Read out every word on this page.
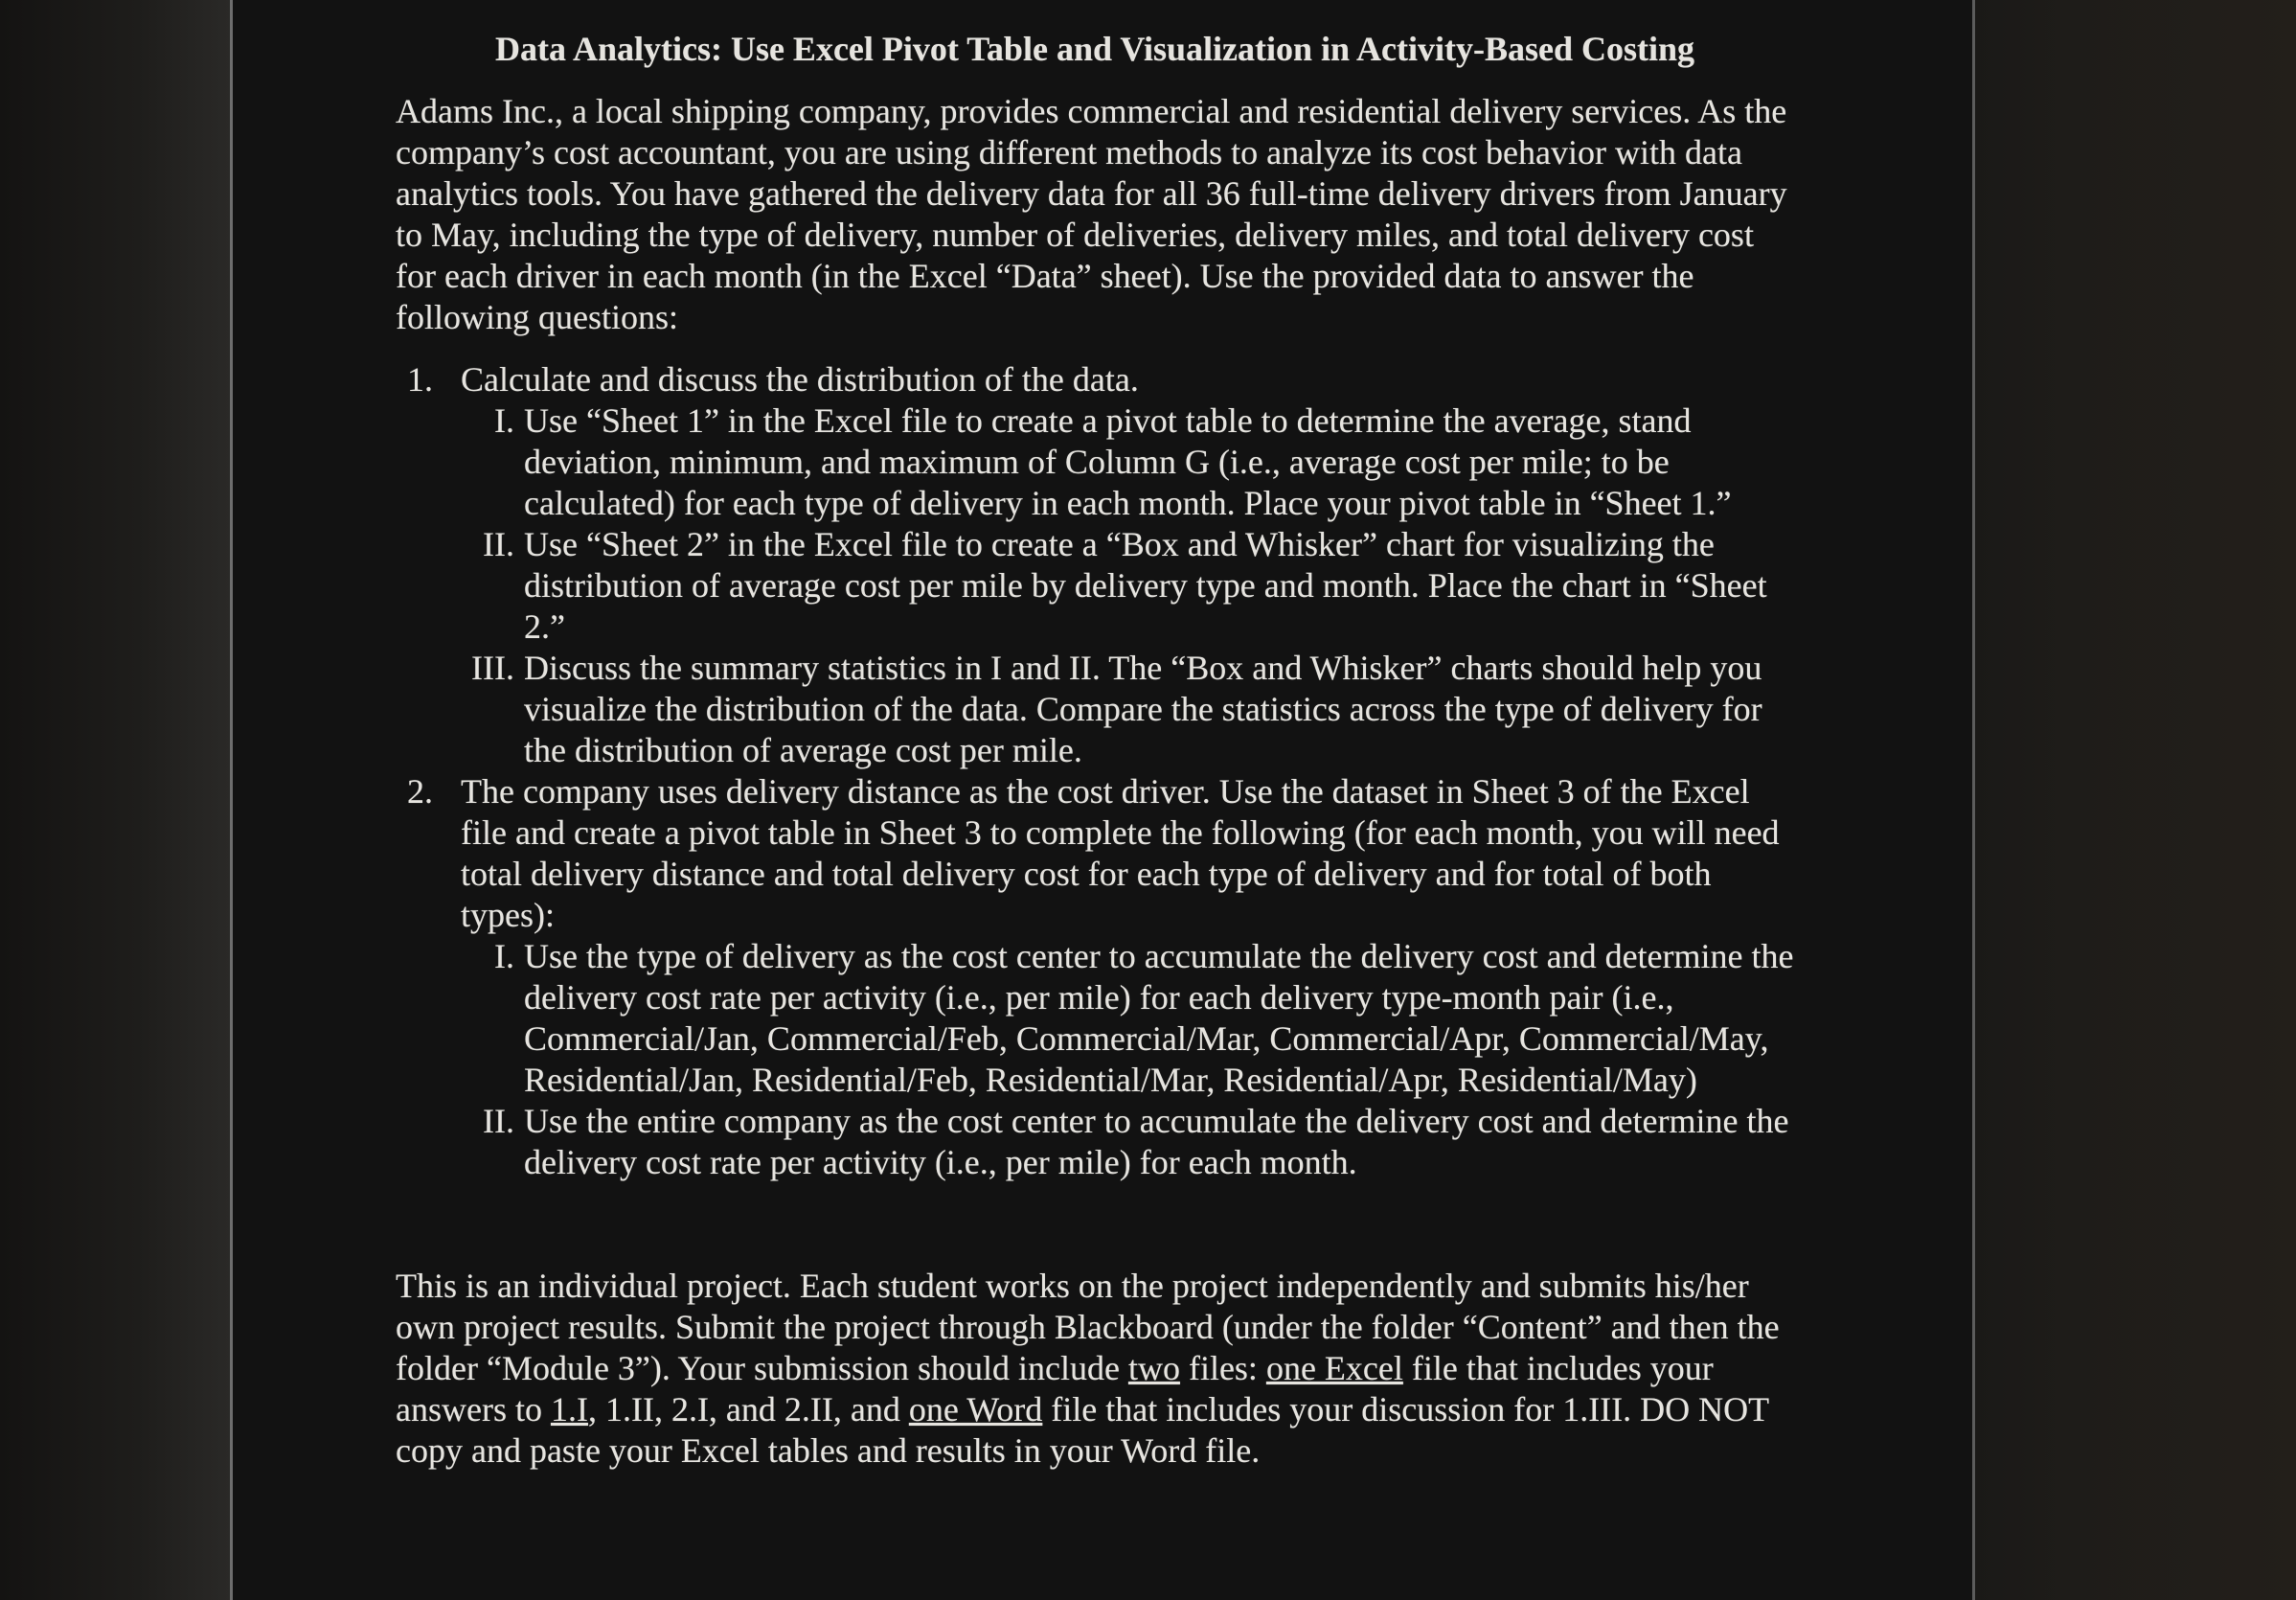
Data Analytics: Use Excel Pivot Table and Visualization in Activity-Based Costing
Adams Inc., a local shipping company, provides commercial and residential delivery services. As the company’s cost accountant, you are using different methods to analyze its cost behavior with data analytics tools. You have gathered the delivery data for all 36 full-time delivery drivers from January to May, including the type of delivery, number of deliveries, delivery miles, and total delivery cost for each driver in each month (in the Excel “Data” sheet). Use the provided data to answer the following questions:
1. Calculate and discuss the distribution of the data.
I. Use “Sheet 1” in the Excel file to create a pivot table to determine the average, stand deviation, minimum, and maximum of Column G (i.e., average cost per mile; to be calculated) for each type of delivery in each month. Place your pivot table in “Sheet 1.”
II. Use “Sheet 2” in the Excel file to create a “Box and Whisker” chart for visualizing the distribution of average cost per mile by delivery type and month. Place the chart in “Sheet 2.”
III. Discuss the summary statistics in I and II. The “Box and Whisker” charts should help you visualize the distribution of the data. Compare the statistics across the type of delivery for the distribution of average cost per mile.
2. The company uses delivery distance as the cost driver. Use the dataset in Sheet 3 of the Excel file and create a pivot table in Sheet 3 to complete the following (for each month, you will need total delivery distance and total delivery cost for each type of delivery and for total of both types):
I. Use the type of delivery as the cost center to accumulate the delivery cost and determine the delivery cost rate per activity (i.e., per mile) for each delivery type-month pair (i.e., Commercial/Jan, Commercial/Feb, Commercial/Mar, Commercial/Apr, Commercial/May, Residential/Jan, Residential/Feb, Residential/Mar, Residential/Apr, Residential/May)
II. Use the entire company as the cost center to accumulate the delivery cost and determine the delivery cost rate per activity (i.e., per mile) for each month.
This is an individual project. Each student works on the project independently and submits his/her own project results. Submit the project through Blackboard (under the folder “Content” and then the folder “Module 3”). Your submission should include two files: one Excel file that includes your answers to 1.I, 1.II, 2.I, and 2.II, and one Word file that includes your discussion for 1.III. DO NOT copy and paste your Excel tables and results in your Word file.
